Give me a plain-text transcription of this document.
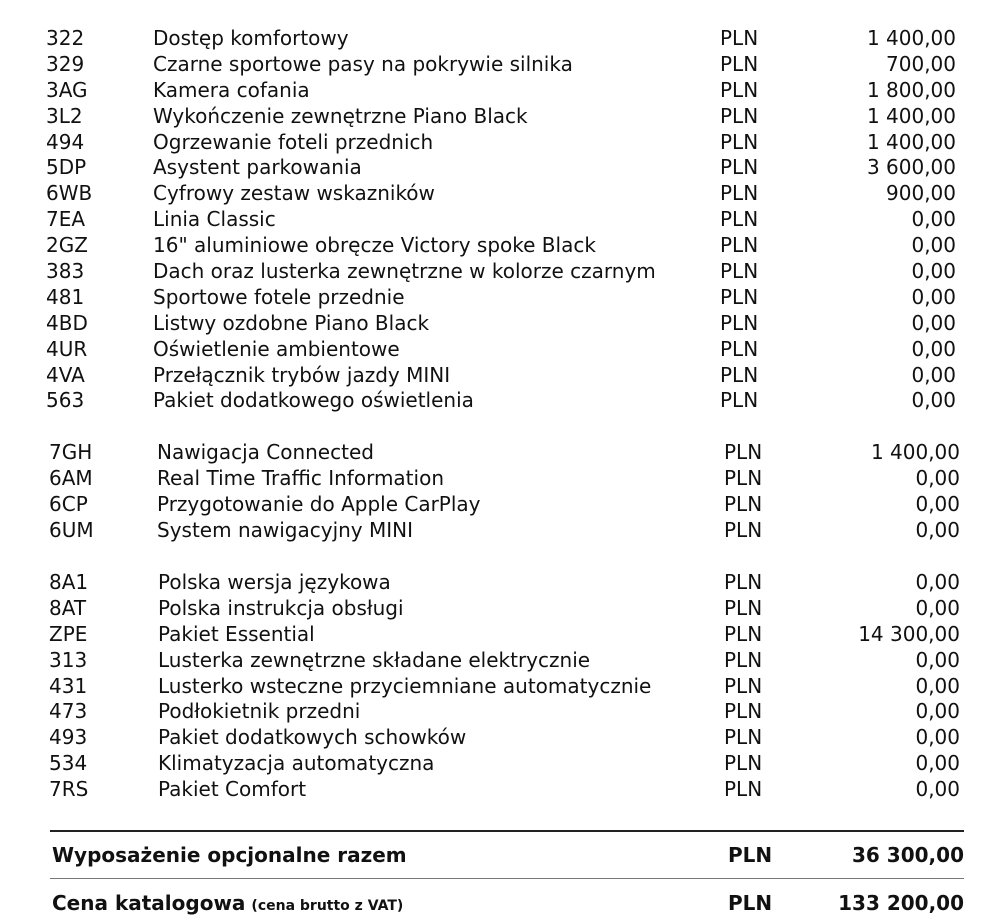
322	Dostęp komfortowy	PLN	1 400,00
329	Czarne sportowe pasy na pokrywie silnika	PLN	700,00
3AG	Kamera cofania	PLN	1 800,00
3L2	Wykończenie zewnętrzne Piano Black	PLN	1 400,00
494	Ogrzewanie foteli przednich	PLN	1 400,00
5DP	Asystent parkowania	PLN	3 600,00
6WB	Cyfrowy zestaw wskazników	PLN	900,00
7EA	Linia Classic	PLN	0,00
2GZ	16" aluminiowe obręcze Victory spoke Black	PLN	0,00
383	Dach oraz lusterka zewnętrzne w kolorze czarnym	PLN	0,00
481	Sportowe fotele przednie	PLN	0,00
4BD	Listwy ozdobne Piano Black	PLN	0,00
4UR	Oświetlenie ambientowe	PLN	0,00
4VA	Przełącznik trybów jazdy MINI	PLN	0,00
563	Pakiet dodatkowego oświetlenia	PLN	0,00
7GH	Nawigacja Connected	PLN	1 400,00
6AM	Real Time Traffic Information	PLN	0,00
6CP	Przygotowanie do Apple CarPlay	PLN	0,00
6UM	System nawigacyjny MINI	PLN	0,00
8A1	Polska wersja językowa	PLN	0,00
8AT	Polska instrukcja obsługi	PLN	0,00
ZPE	Pakiet Essential	PLN	14 300,00
313	Lusterka zewnętrzne składane elektrycznie	PLN	0,00
431	Lusterko wsteczne przyciemniane automatycznie	PLN	0,00
473	Podłokietnik przedni	PLN	0,00
493	Pakiet dodatkowych schowków	PLN	0,00
534	Klimatyzacja automatyczna	PLN	0,00
7RS	Pakiet Comfort	PLN	0,00
Wyposażenie opcjonalne razem	PLN	36 300,00
Cena katalogowa (cena brutto z VAT)	PLN	133 200,00
